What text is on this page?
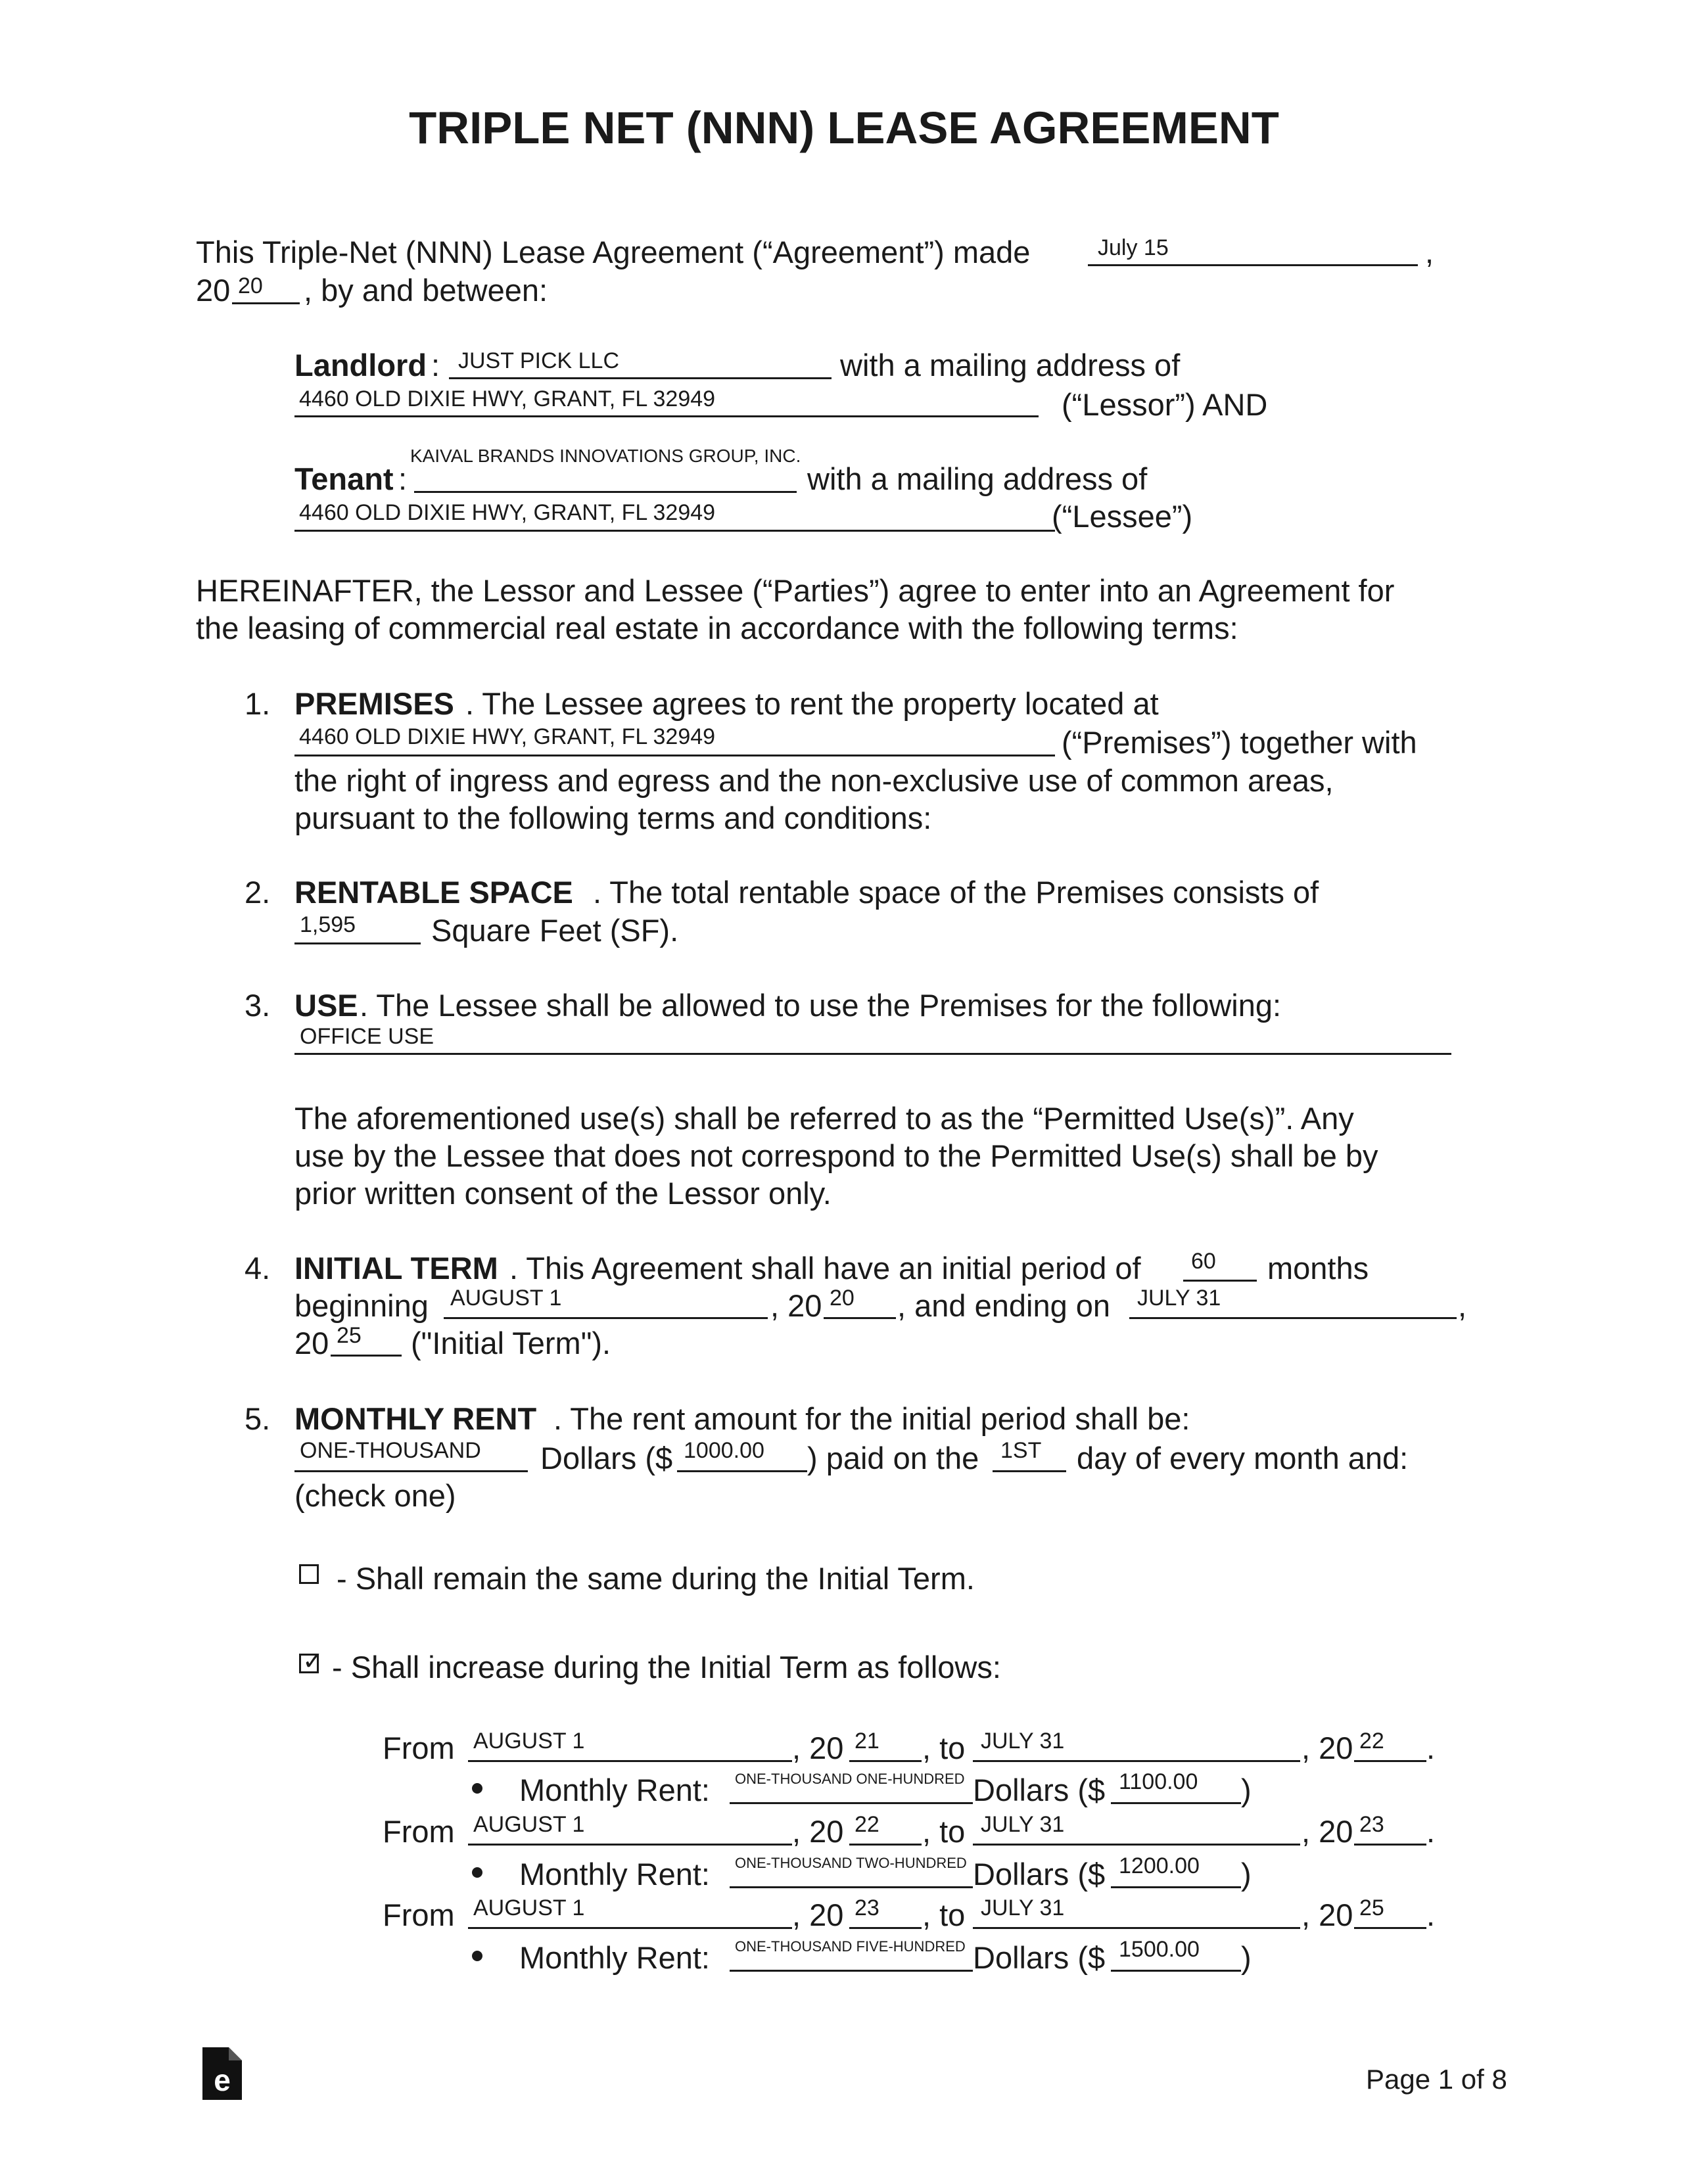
TRIPLE NET (NNN) LEASE AGREEMENT
This Triple-Net (NNN) Lease Agreement (“Agreement”) made	July 15	,
20 20 , by and between:
Landlord : JUST PICK LLC	with a mailing address of
4460 OLD DIXIE HWY, GRANT, FL 32949	(“Lessor”) AND
Tenant :
KAIVAL BRANDS INNOVATIONS GROUP, INC.
with a mailing address of
4460 OLD DIXIE HWY, GRANT, FL 32949	(“Lessee”)
HEREINAFTER, the Lessor and Lessee (“Parties”) agree to enter into an Agreement for
the leasing of commercial real estate in accordance with the following terms:
1. PREMISES . The Lessee agrees to rent the property located at
4460 OLD DIXIE HWY, GRANT, FL 32949	(“Premises”) together with
the right of ingress and egress and the non-exclusive use of common areas,
pursuant to the following terms and conditions:
2. RENTABLE SPACE . The total rentable space of the Premises consists of
1,595 Square Feet (SF).
3. USE . The Lessee shall be allowed to use the Premises for the following:
OFFICE USE
The aforementioned use(s) shall be referred to as the “Permitted Use(s)”. Any
use by the Lessee that does not correspond to the Permitted Use(s) shall be by
prior written consent of the Lessor only.
4. INITIAL TERM . This Agreement shall have an initial period of 60 months
beginning AUGUST 1	, 20 20 , and ending on JULY 31	,
20 25 ("Initial Term").
5. MONTHLY RENT . The rent amount for the initial period shall be:
ONE-THOUSAND Dollars ($ 1000.00 ) paid on the 1ST day of every month and:
(check one)
- Shall remain the same during the Initial Term.
✓ - Shall increase during the Initial Term as follows:
From AUGUST 1	, 20 21 , to JULY 31	, 20 22 .
Monthly Rent: ONE-THOUSAND ONE-HUNDRED Dollars ($ 1100.00 )
From AUGUST 1	, 20 22 , to JULY 31	, 20 23 .
Monthly Rent: ONE-THOUSAND TWO-HUNDRED Dollars ($ 1200.00 )
From AUGUST 1	, 20 23 , to JULY 31	, 20 25 .
Monthly Rent: ONE-THOUSAND FIVE-HUNDRED Dollars ($ 1500.00 )
e	Page 1 of 8
